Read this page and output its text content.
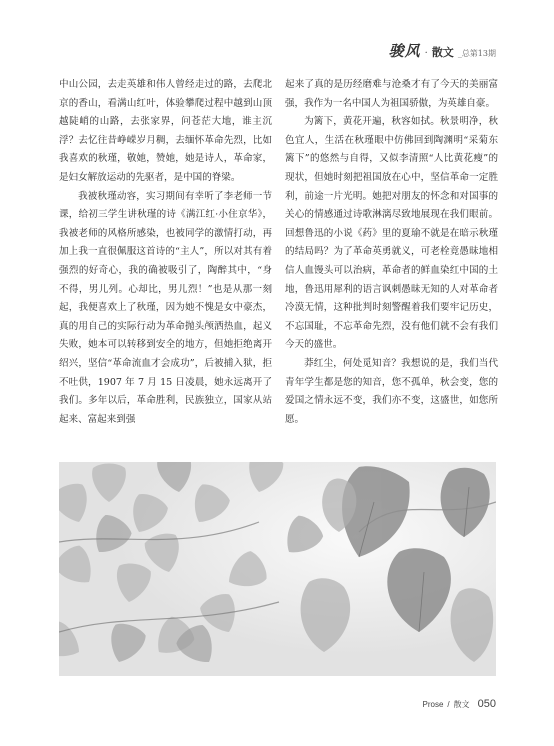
骏风 · 散文 _总第13期

中山公园，去走英雄和伟人曾经走过的路，去爬北京的香山，看满山红叶，体验攀爬过程中越到山顶越陡峭的山路，去张家界，问苍茫大地，谁主沉浮？去忆往昔峥嵘岁月稠，去缅怀革命先烈，比如我喜欢的秋瑾，敬她，赞她，她是诗人，革命家，是妇女解放运动的先驱者，是中国的脊梁。

我被秋瑾动容，实习期间有幸听了李老师一节课，给初三学生讲秋瑾的诗《满江红·小住京华》，我被老师的风格所感染，也被同学的激情打动，再加上我一直很佩服这首诗的“主人”，所以对其有着强烈的好奇心，我的确被吸引了，陶醉其中，“身不得，男儿列。心却比，男儿烈！”也是从那一刻起，我便喜欢上了秋瑾，因为她不愧是女中豪杰，真的用自己的实际行动为革命抛头颅洒热血，起义失败，她本可以转移到安全的地方，但她拒绝离开绍兴，坚信“革命流血才会成功”，后被捕入狱，拒不吐供，1907 年 7 月 15 日凌晨，她永远离开了我们。多年以后，革命胜利，民族独立，国家从站起来、富起来到强

起来了真的是历经磨难与沧桑才有了今天的美丽富强，我作为一名中国人为祖国骄傲，为英雄自豪。

为篱下，黄花开遍，秋容如拭。秋景明净，秋色宜人，生活在秋瑾眼中仿佛回到陶渊明“采菊东篱下”的悠然与自得，又似李清照“人比黄花瘦”的现状，但她时刻把祖国放在心中，坚信革命一定胜利，前途一片光明。她把对朋友的怀念和对国事的关心的情感通过诗歌淋漓尽致地展现在我们眼前。回想鲁迅的小说《药》里的夏瑜不就是在暗示秋瑾的结局吗？为了革命英勇就义，可老栓竟愚昧地相信人血馒头可以治病，革命者的鲜血染红中国的土地，鲁迅用犀利的语言讽刺愚昧无知的人对革命者冷漠无情，这种批判时刻警醒着我们要牢记历史，不忘国耻，不忘革命先烈，没有他们就不会有我们今天的盛世。

莽红尘，何处觅知音？我想说的是，我们当代青年学生都是您的知音，您不孤单，秋会变，您的爱国之情永远不变，我们亦不变，这盛世，如您所愿。

Prose / 散文 050
